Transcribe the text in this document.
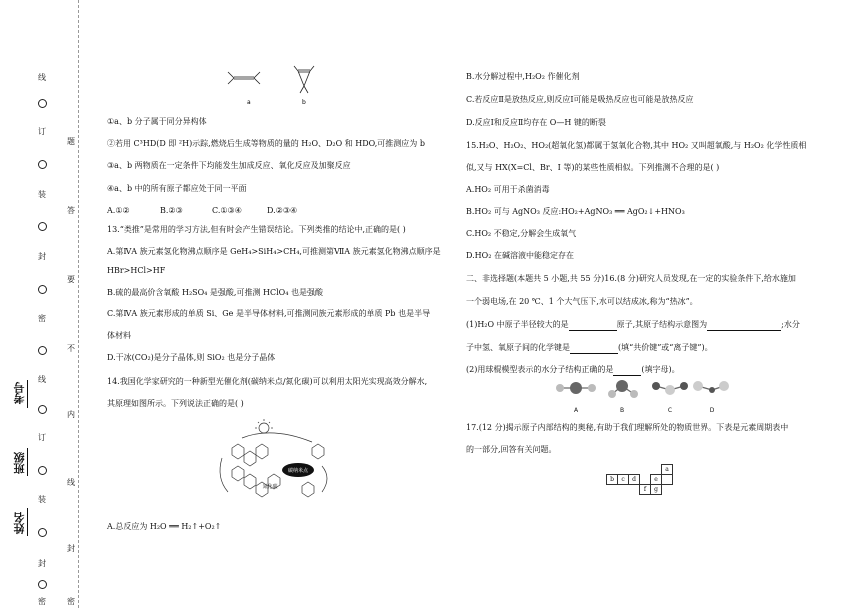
线
订
装
封
密
线
订
装
封
密
题
答
要
不
内
线
封
密
考号
班级
姓名
a	b
①a、b 分子属于同分异构体
②若用 C³HD(D 即 ²H)示踪,燃烧后生成等物质的量的 H₂O、D₂O 和 HDO,可推测应为 b
③a、b 两物质在一定条件下均能发生加成反应、氧化反应及加聚反应
④a、b 中的所有原子都应处于同一平面
A.①②	B.②③	C.①③④	D.②③④
13.“类推”是常用的学习方法,但有时会产生错误结论。下列类推的结论中,正确的是( )
A.第ⅣA 族元素氢化物沸点顺序是 GeH₄>SiH₄>CH₄,可推测第ⅦA 族元素氢化物沸点顺序是
HBr>HCl>HF
B.硫的最高价含氧酸 H₂SO₄ 是强酸,可推测 HClO₄ 也是强酸
C.第ⅣA 族元素形成的单质 Si、Ge 是半导体材料,可推测同族元素形成的单质 Pb 也是半导
体材料
D.干冰(CO₂)是分子晶体,则 SiO₂ 也是分子晶体
14.我国化学家研究的一种新型光催化剂(碳纳米点/氮化碳)可以利用太阳光实现高效分解水,
其原理如图所示。下列说法正确的是( )
碳纳米点
氮化碳
A.总反应为 H₂O ══ H₂↑+O₂↑
B.水分解过程中,H₂O₂ 作催化剂
C.若反应Ⅱ是放热反应,则反应Ⅰ可能是吸热反应也可能是放热反应
D.反应Ⅰ和反应Ⅱ均存在 O—H 键的断裂
15.H₂O、H₂O₂、HO₂(超氧化氢)都属于氢氧化合物,其中 HO₂ 又叫超氧酸,与 H₂O₂ 化学性质相
似,又与 HX(X=Cl、Br、I 等)的某些性质相似。下列推测不合理的是( )
A.HO₂ 可用于杀菌消毒
B.HO₂ 可与 AgNO₃ 反应:HO₂+AgNO₃ ══ AgO₂↓+HNO₃
C.HO₂ 不稳定,分解会生成氧气
D.HO₂ 在碱溶液中能稳定存在
二、非选择题(本题共 5 小题,共 55 分)16.(8 分)研究人员发现,在一定的实验条件下,给水施加
一个弱电场,在 20 ℃、1 个大气压下,水可以结成冰,称为“热冰”。
(1)H₂O 中原子半径较大的是	原子,其原子结构示意图为	;水分
子中氢、氧原子间的化学键是	(填“共价键”或“离子键”)。
(2)用球棍模型表示的水分子结构正确的是	(填字母)。
A	B	C	D
17.(12 分)揭示原子内部结构的奥秘,有助于我们理解所处的物质世界。下表是元素周期表中
的一部分,回答有关问题。
					a
b	c	d		e	
			f	g	
